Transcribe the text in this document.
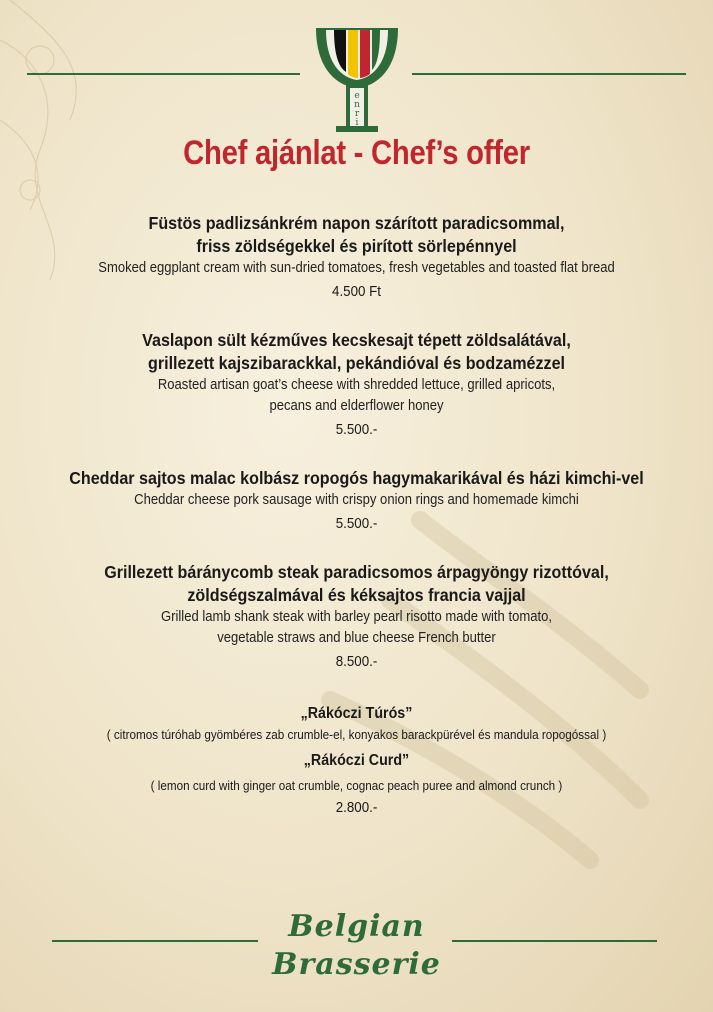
e
n
r
i
Chef ajánlat - Chef’s offer

Füstös padlizsánkrém napon szárított paradicsommal,

friss zöldségekkel és pirított sörlepénnyel

Smoked eggplant cream with sun-dried tomatoes, fresh vegetables and toasted flat bread

4.500 Ft

Vaslapon sült kézműves kecskesajt tépett zöldsalátával,

grillezett kajszibarackkal, pekándióval és bodzamézzel

Roasted artisan goat’s cheese with shredded lettuce, grilled apricots,

pecans and elderflower honey

5.500.-

Cheddar sajtos malac kolbász ropogós hagymakarikával és házi kimchi-vel

Cheddar cheese pork sausage with crispy onion rings and homemade kimchi

5.500.-

Grillezett báránycomb steak paradicsomos árpagyöngy rizottóval,

zöldségszalmával és kéksajtos francia vajjal

Grilled lamb shank steak with barley pearl risotto made with tomato,

vegetable straws and blue cheese French butter

8.500.-

„Rákóczi Túrós”

( citromos túróhab gyömbéres zab crumble-el, konyakos barackpürével és mandula ropogóssal )

„Rákóczi Curd”

( lemon curd with ginger oat crumble, cognac peach puree and almond crunch )

2.800.-

Belgian
Brasserie
